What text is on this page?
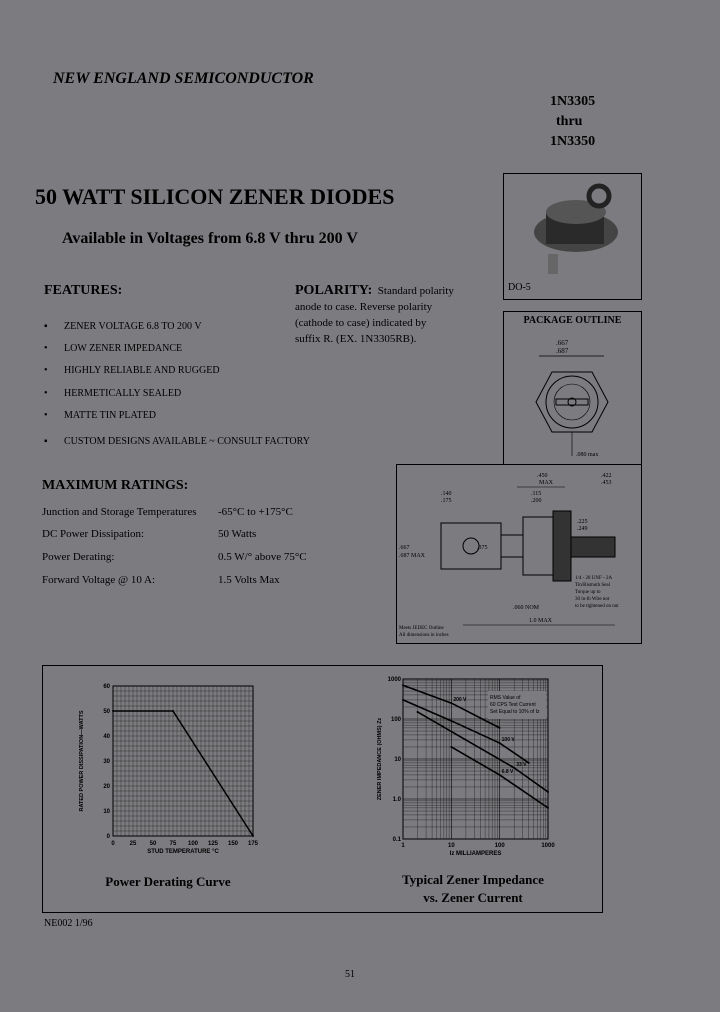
NEW ENGLAND SEMICONDUCTOR
1N3305
thru
1N3350
50 WATT SILICON ZENER DIODES
Available in Voltages from 6.8 V thru 200 V
DO-5
PACKAGE OUTLINE
.667
.687
.080 max
.450
MAX
.422
.453
.115
.200
.140
.175
.225
.249
.667
.687 MAX
.375
.060 NOM
1.0 MAX
1/4 - 28 UNF - 2A
Tin/Bismuth Seal
Torque up to
30 in-lb Wire not
to be tightened on nut
Meets JEDEC Outline
All dimensions in inches
FEATURES:
▪ ZENER VOLTAGE 6.8 TO 200 V
• LOW ZENER IMPEDANCE
• HIGHLY RELIABLE AND RUGGED
• HERMETICALLY SEALED
• MATTE TIN PLATED
▪ CUSTOM DESIGNS AVAILABLE ~ CONSULT FACTORY
POLARITY: Standard polarity
anode to case. Reverse polarity
(cathode to case) indicated by
suffix R. (EX. 1N3305RB).
MAXIMUM RATINGS:
Junction and Storage Temperatures -65°C to +175°C
DC Power Dissipation:	50 Watts
Power Derating:	0.5 W/° above 75°C
Forward Voltage @ 10 A:	1.5 Volts Max
0 25 50 75 100 125 150 175
0
10
20
30
40
50
60
STUD TEMPERATURE °C
RATED POWER DISSIPATION—WATTS
1	10	100	1000
0.1
1.0
10
100
1000
200 V
100 V
33 V
6.8 V
RMS Value of
60 CPS Test Current
Set Equal to 10% of Iz
Iz MILLIAMPERES
ZENER IMPEDANCE (OHMS) Zz
Power Derating Curve	Typical Zener Impedance
vs. Zener Current
NE002 1/96
51
